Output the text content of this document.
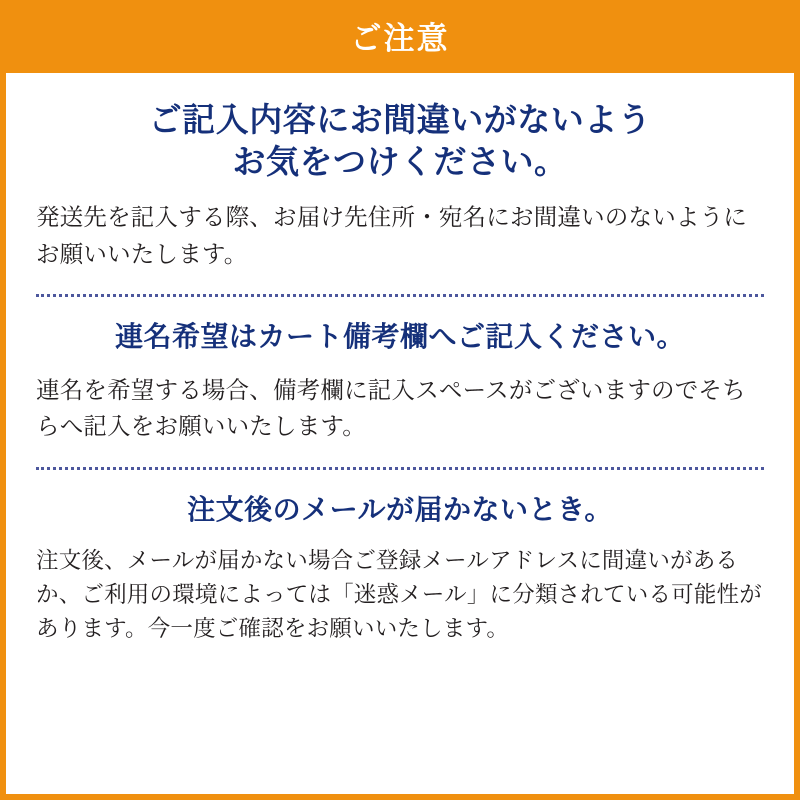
ご注意
ご記入内容にお間違いがないよう
お気をつけください。
発送先を記入する際、お届け先住所・宛名にお間違いのないようにお願いいたします。
連名希望はカート備考欄へご記入ください。
連名を希望する場合、備考欄に記入スペースがございますのでそちらへ記入をお願いいたします。
注文後のメールが届かないとき。
注文後、メールが届かない場合ご登録メールアドレスに間違いがあるか、ご利用の環境によっては「迷惑メール」に分類されている可能性があります。今一度ご確認をお願いいたします。
